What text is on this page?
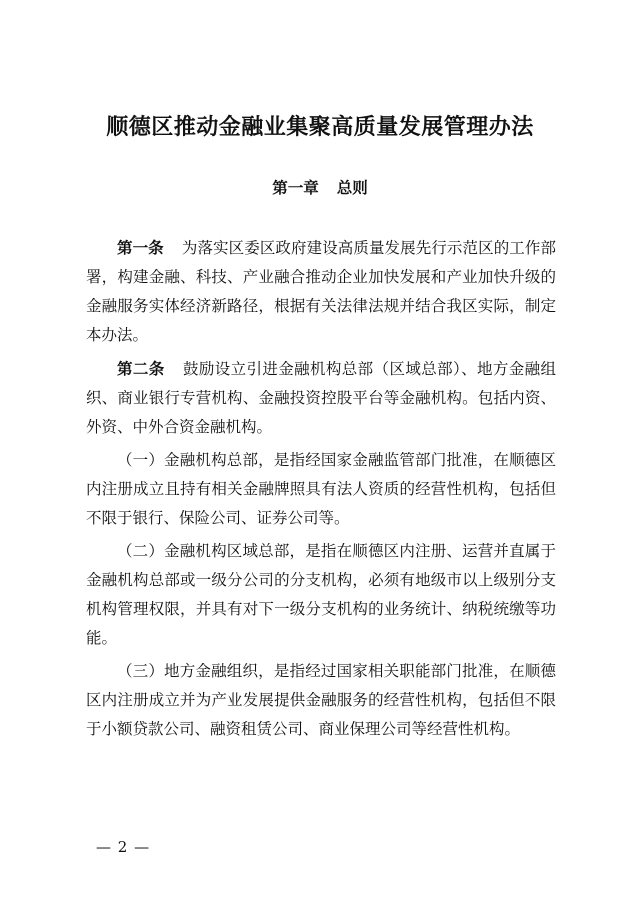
顺德区推动金融业集聚高质量发展管理办法
第一章 总则

第一条 为落实区委区政府建设高质量发展先行示范区的工作部署，构建金融、科技、产业融合推动企业加快发展和产业加快升级的金融服务实体经济新路径，根据有关法律法规并结合我区实际，制定本办法。

第二条 鼓励设立引进金融机构总部（区域总部）、地方金融组织、商业银行专营机构、金融投资控股平台等金融机构。包括内资、外资、中外合资金融机构。

（一）金融机构总部，是指经国家金融监管部门批准，在顺德区内注册成立且持有相关金融牌照具有法人资质的经营性机构，包括但不限于银行、保险公司、证券公司等。

（二）金融机构区域总部，是指在顺德区内注册、运营并直属于金融机构总部或一级分公司的分支机构，必须有地级市以上级别分支机构管理权限，并具有对下一级分支机构的业务统计、纳税统缴等功能。

（三）地方金融组织，是指经过国家相关职能部门批准，在顺德区内注册成立并为产业发展提供金融服务的经营性机构，包括但不限于小额贷款公司、融资租赁公司、商业保理公司等经营性机构。

— 2 —
